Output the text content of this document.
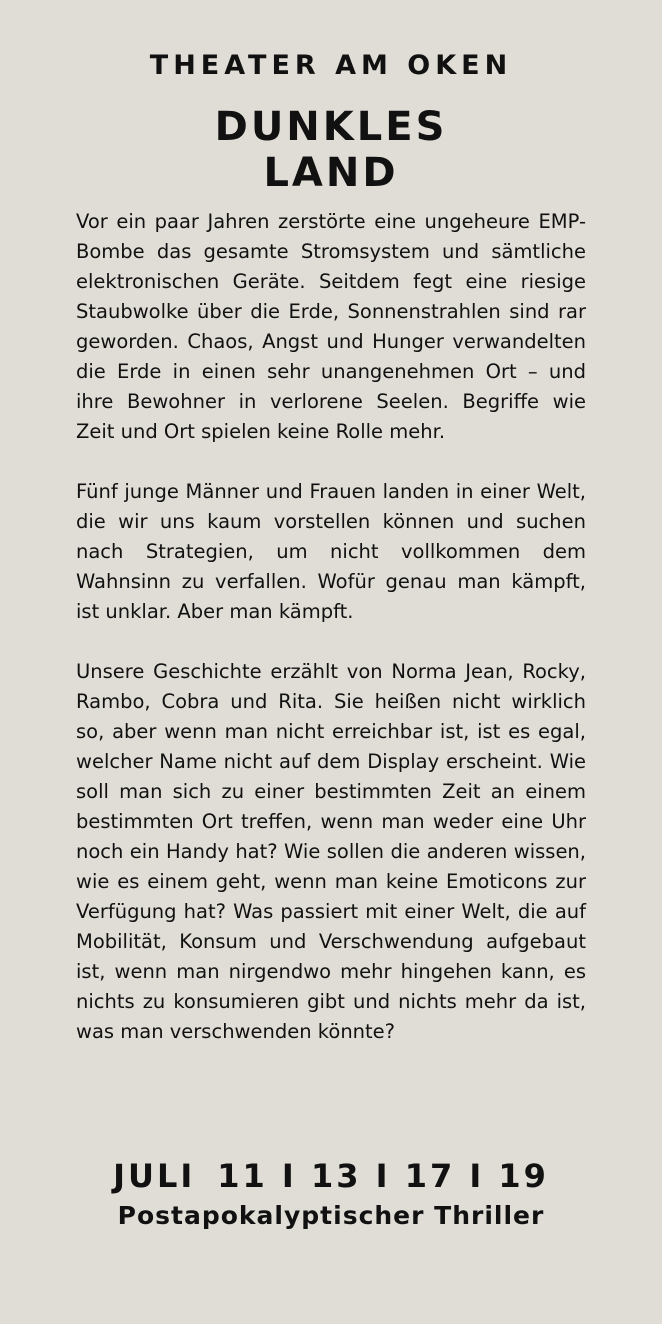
THEATER AM OKEN
DUNKLES
LAND

Vor ein paar Jahren zerstörte eine ungeheure EMP-Bombe das gesamte Stromsystem und sämtliche elektronischen Geräte. Seitdem fegt eine riesige Staubwolke über die Erde, Sonnenstrahlen sind rar geworden. Chaos, Angst und Hunger verwandelten die Erde in einen sehr unangenehmen Ort – und ihre Bewohner in verlorene Seelen. Begriffe wie Zeit und Ort spielen keine Rolle mehr.

Fünf junge Männer und Frauen landen in einer Welt, die wir uns kaum vorstellen können und suchen nach Strategien, um nicht vollkommen dem Wahnsinn zu verfallen. Wofür genau man kämpft, ist unklar. Aber man kämpft.

Unsere Geschichte erzählt von Norma Jean, Rocky, Rambo, Cobra und Rita. Sie heißen nicht wirklich so, aber wenn man nicht erreichbar ist, ist es egal, welcher Name nicht auf dem Display erscheint. Wie soll man sich zu einer bestimmten Zeit an einem bestimmten Ort treffen, wenn man weder eine Uhr noch ein Handy hat? Wie sollen die anderen wissen, wie es einem geht, wenn man keine Emoticons zur Verfügung hat? Was passiert mit einer Welt, die auf Mobilität, Konsum und Verschwendung aufgebaut ist, wenn man nirgendwo mehr hingehen kann, es nichts zu konsumieren gibt und nichts mehr da ist, was man verschwenden könnte?

JULI 11 I 13 I 17 I 19
Postapokalyptischer Thriller
